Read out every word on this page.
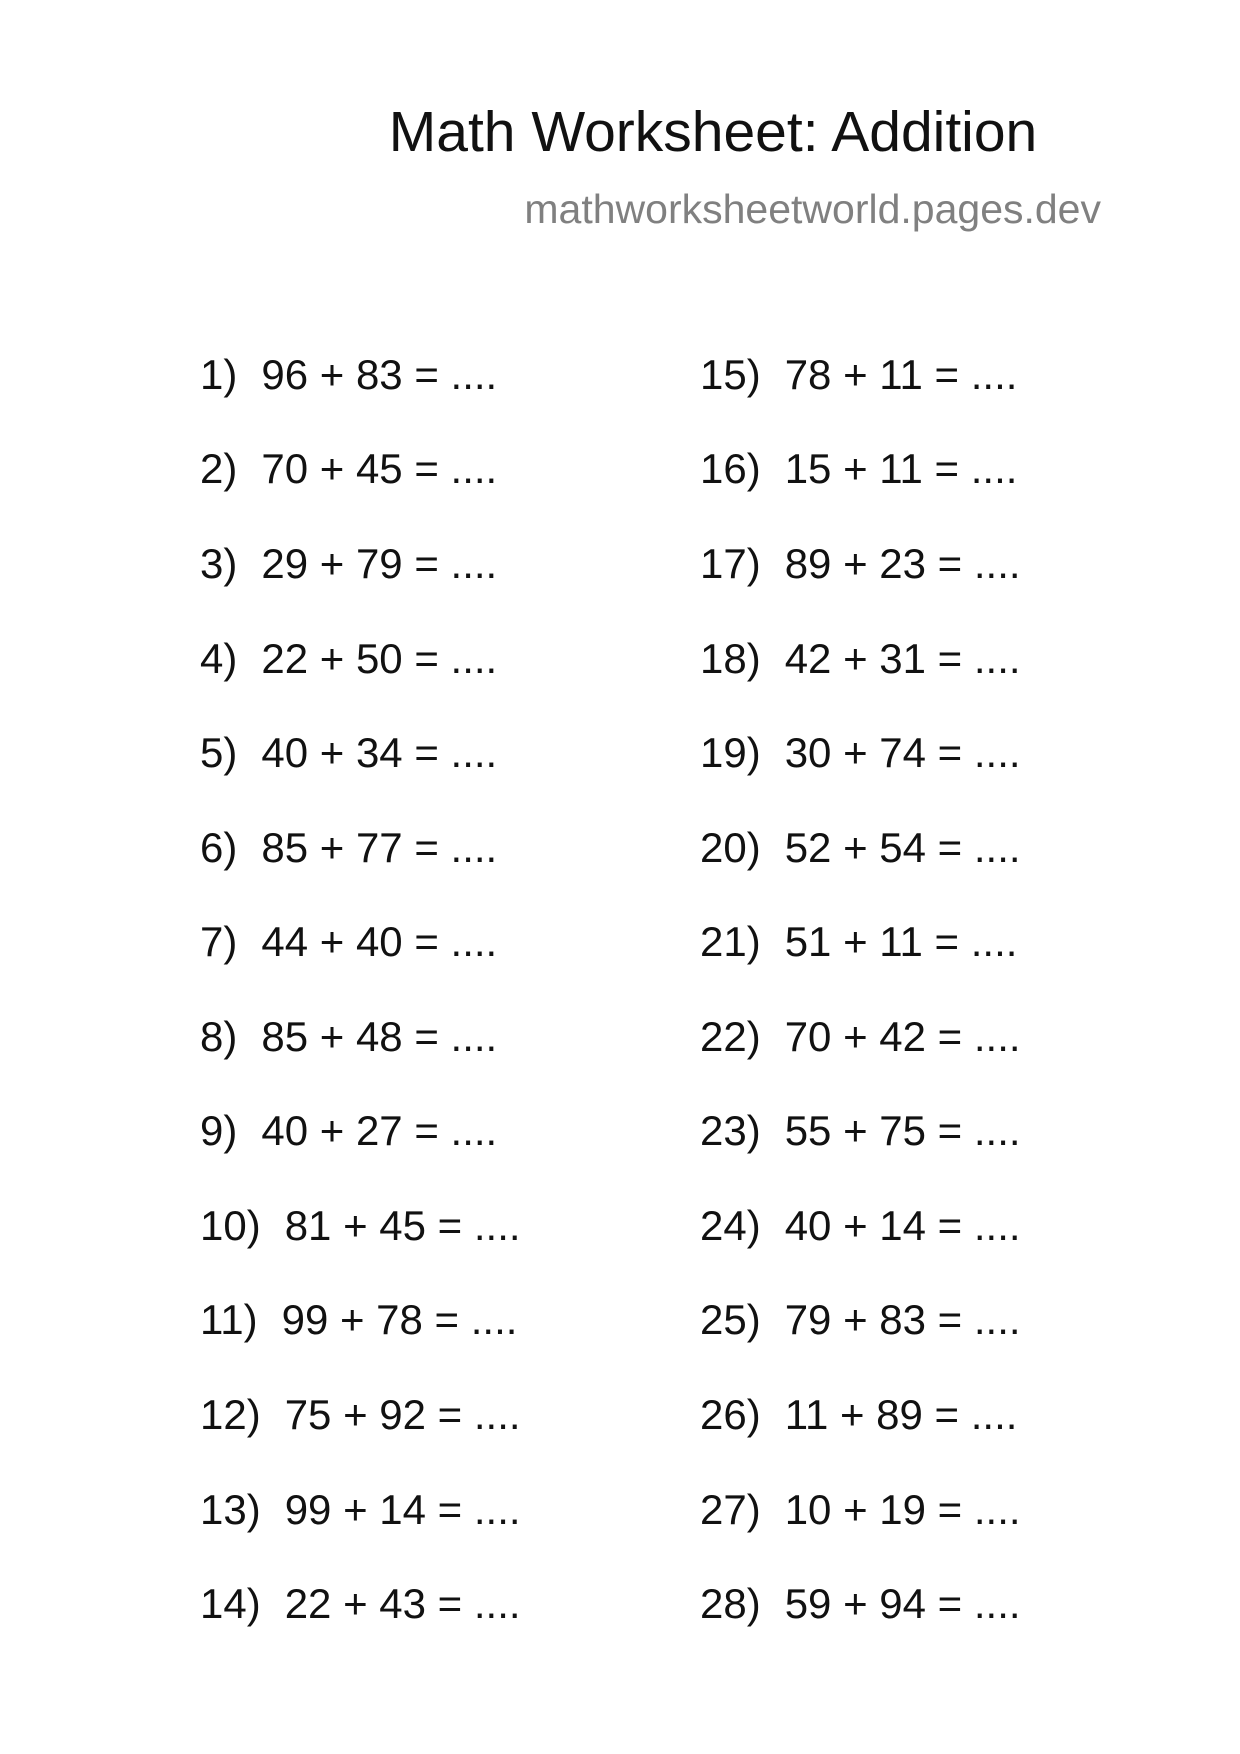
Math Worksheet: Addition
mathworksheetworld.pages.dev
1) 96 + 83 = ....
2) 70 + 45 = ....
3) 29 + 79 = ....
4) 22 + 50 = ....
5) 40 + 34 = ....
6) 85 + 77 = ....
7) 44 + 40 = ....
8) 85 + 48 = ....
9) 40 + 27 = ....
10) 81 + 45 = ....
11) 99 + 78 = ....
12) 75 + 92 = ....
13) 99 + 14 = ....
14) 22 + 43 = ....
15) 78 + 11 = ....
16) 15 + 11 = ....
17) 89 + 23 = ....
18) 42 + 31 = ....
19) 30 + 74 = ....
20) 52 + 54 = ....
21) 51 + 11 = ....
22) 70 + 42 = ....
23) 55 + 75 = ....
24) 40 + 14 = ....
25) 79 + 83 = ....
26) 11 + 89 = ....
27) 10 + 19 = ....
28) 59 + 94 = ....
